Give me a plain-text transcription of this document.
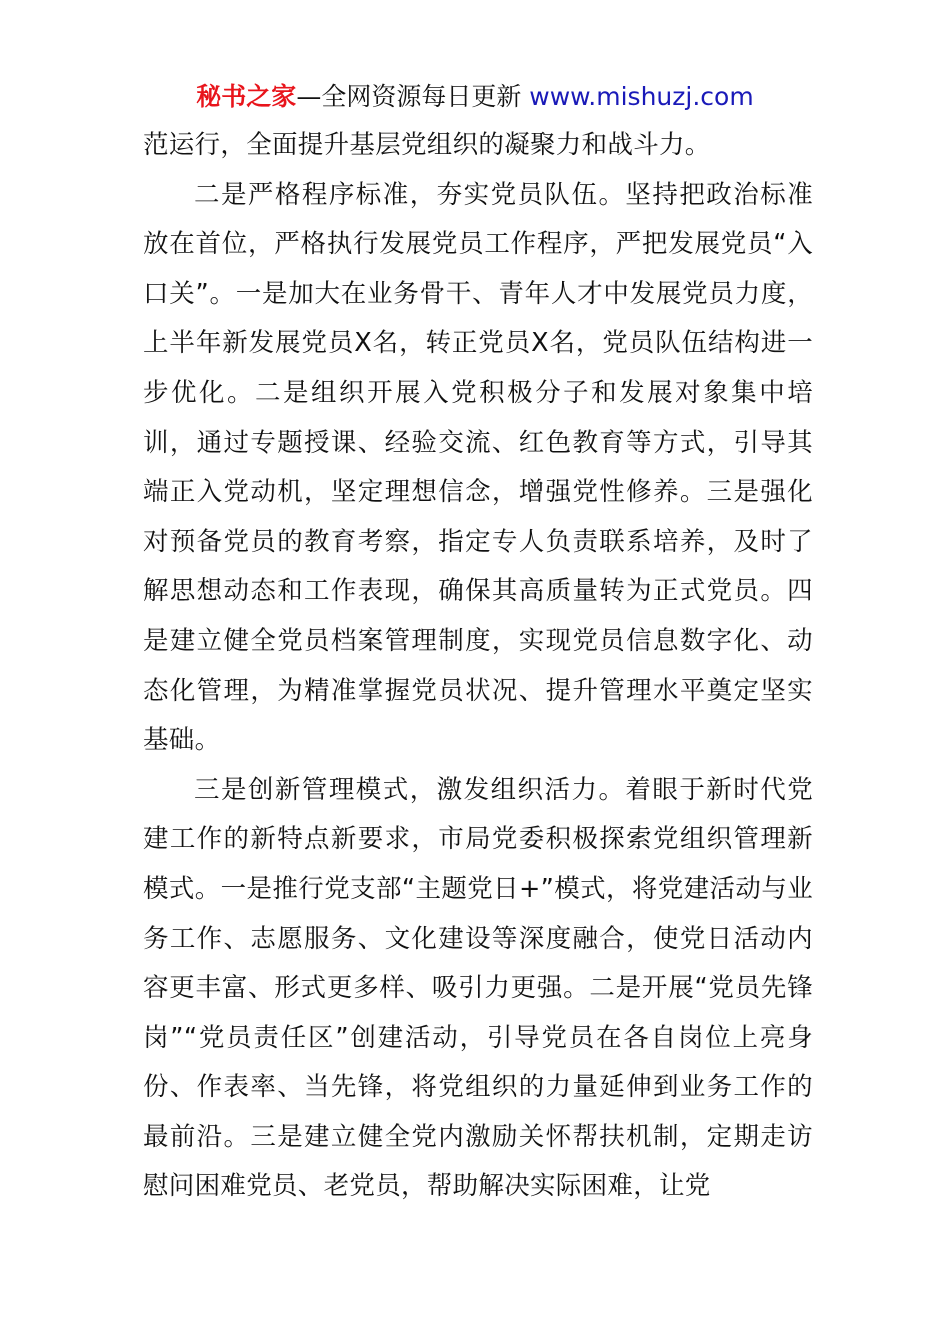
秘书之家—全网资源每日更新 www.mishuzj.com

范运行，全面提升基层党组织的凝聚力和战斗力。

二是严格程序标准，夯实党员队伍。坚持把政治标准放在首位，严格执行发展党员工作程序，严把发展党员“入口关”。一是加大在业务骨干、青年人才中发展党员力度，上半年新发展党员X名，转正党员X名，党员队伍结构进一步优化。二是组织开展入党积极分子和发展对象集中培训，通过专题授课、经验交流、红色教育等方式，引导其端正入党动机，坚定理想信念，增强党性修养。三是强化对预备党员的教育考察，指定专人负责联系培养，及时了解思想动态和工作表现，确保其高质量转为正式党员。四是建立健全党员档案管理制度，实现党员信息数字化、动态化管理，为精准掌握党员状况、提升管理水平奠定坚实基础。

三是创新管理模式，激发组织活力。着眼于新时代党建工作的新特点新要求，市局党委积极探索党组织管理新模式。一是推行党支部“主题党日+”模式，将党建活动与业务工作、志愿服务、文化建设等深度融合，使党日活动内容更丰富、形式更多样、吸引力更强。二是开展“党员先锋岗”“党员责任区”创建活动，引导党员在各自岗位上亮身份、作表率、当先锋，将党组织的力量延伸到业务工作的最前沿。三是建立健全党内激励关怀帮扶机制，定期走访慰问困难党员、老党员，帮助解决实际困难，让党
